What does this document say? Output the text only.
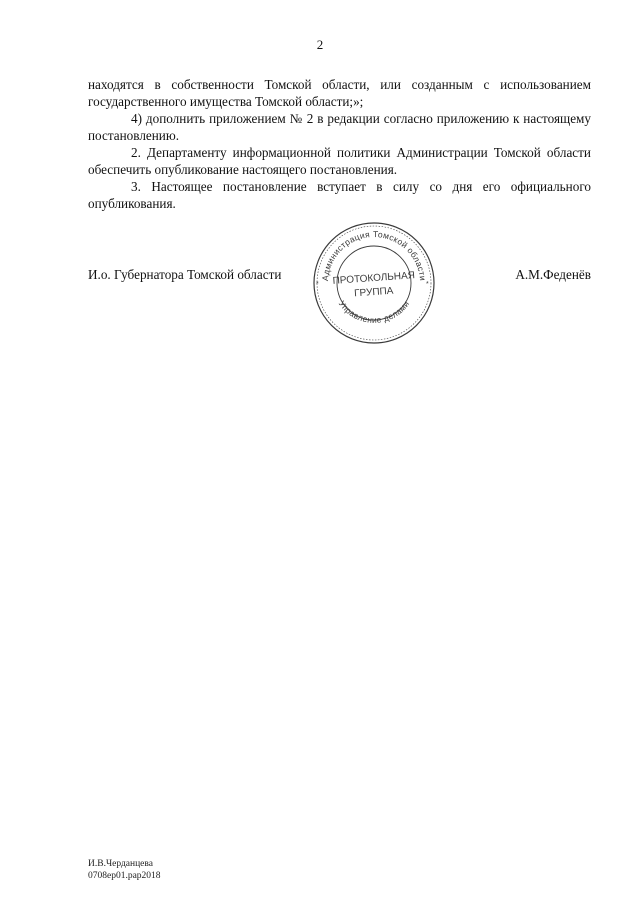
2

находятся в собственности Томской области, или созданным с использованием государственного имущества Томской области;»;

4) дополнить приложением № 2 в редакции согласно приложению к настоящему постановлению.

2. Департаменту информационной политики Администрации Томской области обеспечить опубликование настоящего постановления.

3. Настоящее постановление вступает в силу со дня его официального опубликования.

И.о. Губернатора Томской области	А.М.Феденёв
Администрация Томской области
Управление делами
*	*
ПРОТОКОЛЬНАЯ
ГРУППА
И.В.Черданцева
0708ер01.рар2018
